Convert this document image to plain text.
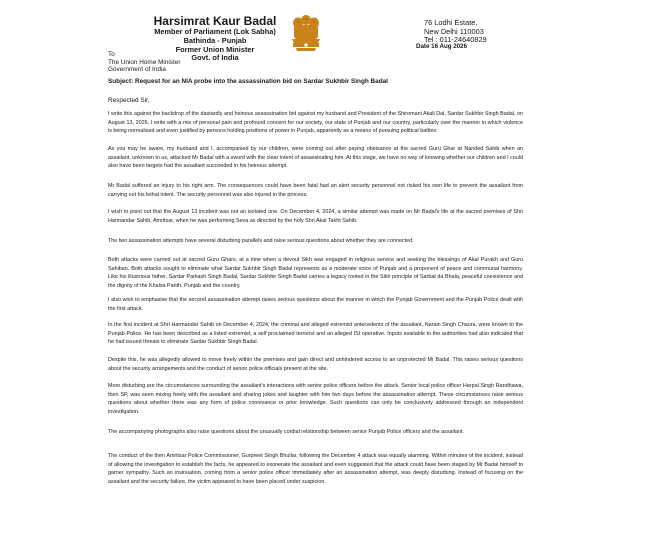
Harsimrat Kaur Badal
Member of Parliament (Lok Sabha)
Bathinda - Punjab
Former Union Minister
Govt. of India
76 Lodhi Estate,
New Delhi 110003
Tel : 011-24640829
Date 16 Aug 2026
To
The Union Home Minister
Government of India
Subject: Request for an NIA probe into the assassination bid on Sardar Sukhbir Singh Badal
Respected Sir,

I write this against the backdrop of the dastardly and heinous assassination bid against my husband and President of the Shiromani Akali Dal, Sardar Sukhbir Singh Badal, on August 13, 2026. I write with a mix of personal pain and profound concern for our society, our state of Punjab and our country, particularly over the manner in which violence is being normalised and even justified by persons holding positions of power in Punjab, apparently as a means of pursuing political battles.

As you may be aware, my husband and I, accompanied by our children, were coming out after paying obeisance at the sacred Guru Ghar at Nanded Sahib when an assailant, unknown to us, attacked Mr Badal with a sword with the clear intent of assassinating him. At this stage, we have no way of knowing whether our children and I could also have been targets had the assailant succeeded in his heinous attempt.

Mr Badal suffered an injury to his right arm. The consequences could have been fatal had an alert security personnel not risked his own life to prevent the assailant from carrying out his lethal intent. The security personnel was also injured in the process.

I wish to point out that the August 13 incident was not an isolated one. On December 4, 2024, a similar attempt was made on Mr Badal's life at the sacred premises of Shri Harmandar Sahib, Amritsar, when he was performing Seva as directed by the holy Shri Akal Takht Sahib.

The two assassination attempts have several disturbing parallels and raise serious questions about whether they are connected.

Both attacks were carried out at sacred Guru Ghars, at a time when a devout Sikh was engaged in religious service and seeking the blessings of Akal Purakh and Guru Sahiban. Both attacks sought to eliminate what Sardar Sukhbir Singh Badal represents as a moderate voice of Punjab and a proponent of peace and communal harmony. Like his illustrious father, Sardar Parkash Singh Badal, Sardar Sukhbir Singh Badal carries a legacy rooted in the Sikh principle of Sarbat da Bhala, peaceful coexistence and the dignity of the Khalsa Panth, Punjab and the country.

I also wish to emphasise that the second assassination attempt raises serious questions about the manner in which the Punjab Government and the Punjab Police dealt with the first attack.

In the first incident at Shri Harmandar Sahib on December 4, 2024, the criminal and alleged extremist antecedents of the assailant, Narain Singh Chaura, were known to the Punjab Police. He has been described as a listed extremist, a self proclaimed terrorist and an alleged ISI operative. Inputs available to the authorities had also indicated that he had issued threats to eliminate Sardar Sukhbir Singh Badal.

Despite this, he was allegedly allowed to move freely within the premises and gain direct and unhindered access to an unprotected Mr Badal. This raises serious questions about the security arrangements and the conduct of senior police officials present at the site.

More disturbing are the circumstances surrounding the assailant's interactions with senior police officers before the attack. Senior local police officer Harpal Singh Randhawa, then SP, was seen mixing freely with the assailant and sharing jokes and laughter with him two days before the assassination attempt. These circumstances raise serious questions about whether there was any form of police connivance or prior knowledge. Such questions can only be conclusively addressed through an independent investigation.

The accompanying photographs also raise questions about the unusually cordial relationship between senior Punjab Police officers and the assailant.

The conduct of the then Amritsar Police Commissioner, Gurpreet Singh Bhullar, following the December 4 attack was equally alarming. Within minutes of the incident, instead of allowing the investigation to establish the facts, he appeared to exonerate the assailant and even suggested that the attack could have been staged by Mr Badal himself to garner sympathy. Such an insinuation, coming from a senior police officer immediately after an assassination attempt, was deeply disturbing. Instead of focusing on the assailant and the security failure, the victim appeared to have been placed under suspicion.
